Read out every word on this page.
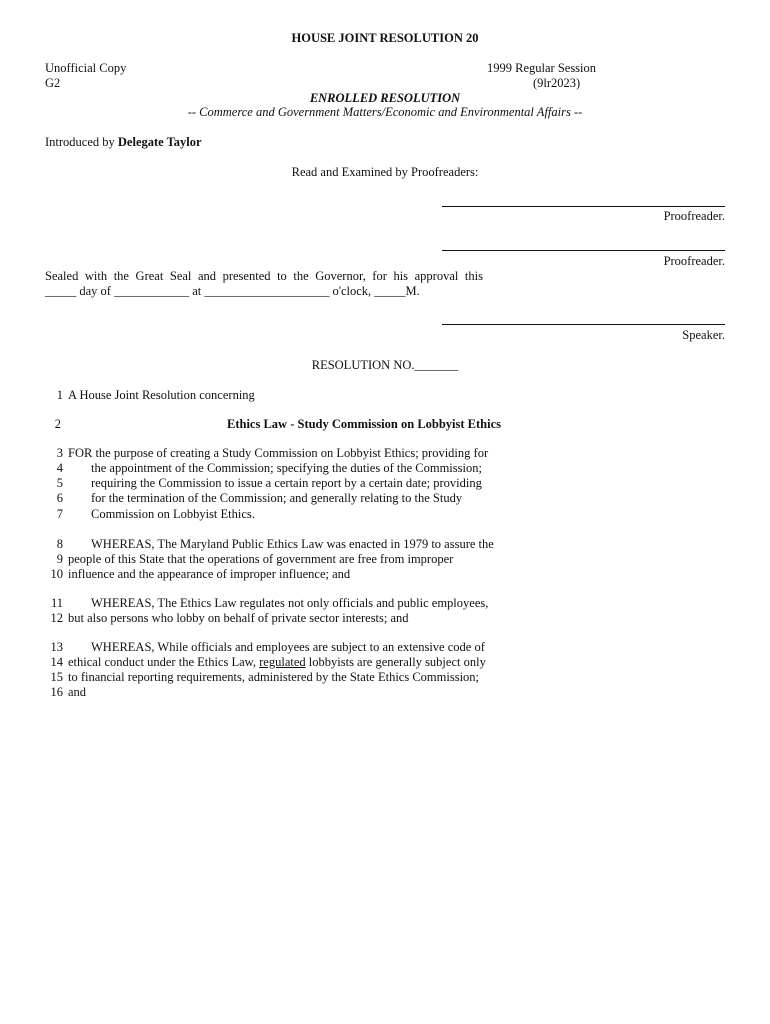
HOUSE JOINT RESOLUTION 20
Unofficial Copy
G2
1999 Regular Session
(9lr2023)
ENROLLED RESOLUTION
-- Commerce and Government Matters/Economic and Environmental Affairs --
Introduced by Delegate Taylor
Read and Examined by Proofreaders:
Proofreader.
Proofreader.
Sealed with the Great Seal and presented to the Governor, for his approval this
_____ day of ____________ at ____________________ o'clock, _____M.
Speaker.
RESOLUTION NO._______
1 A House Joint Resolution concerning
2	Ethics Law - Study Commission on Lobbyist Ethics
3 FOR the purpose of creating a Study Commission on Lobbyist Ethics; providing for
4 the appointment of the Commission; specifying the duties of the Commission;
5 requiring the Commission to issue a certain report by a certain date; providing
6 for the termination of the Commission; and generally relating to the Study
7 Commission on Lobbyist Ethics.
8 WHEREAS, The Maryland Public Ethics Law was enacted in 1979 to assure the
9 people of this State that the operations of government are free from improper
10 influence and the appearance of improper influence; and
11 WHEREAS, The Ethics Law regulates not only officials and public employees,
12 but also persons who lobby on behalf of private sector interests; and
13 WHEREAS, While officials and employees are subject to an extensive code of
14 ethical conduct under the Ethics Law, regulated lobbyists are generally subject only
15 to financial reporting requirements, administered by the State Ethics Commission;
16 and
